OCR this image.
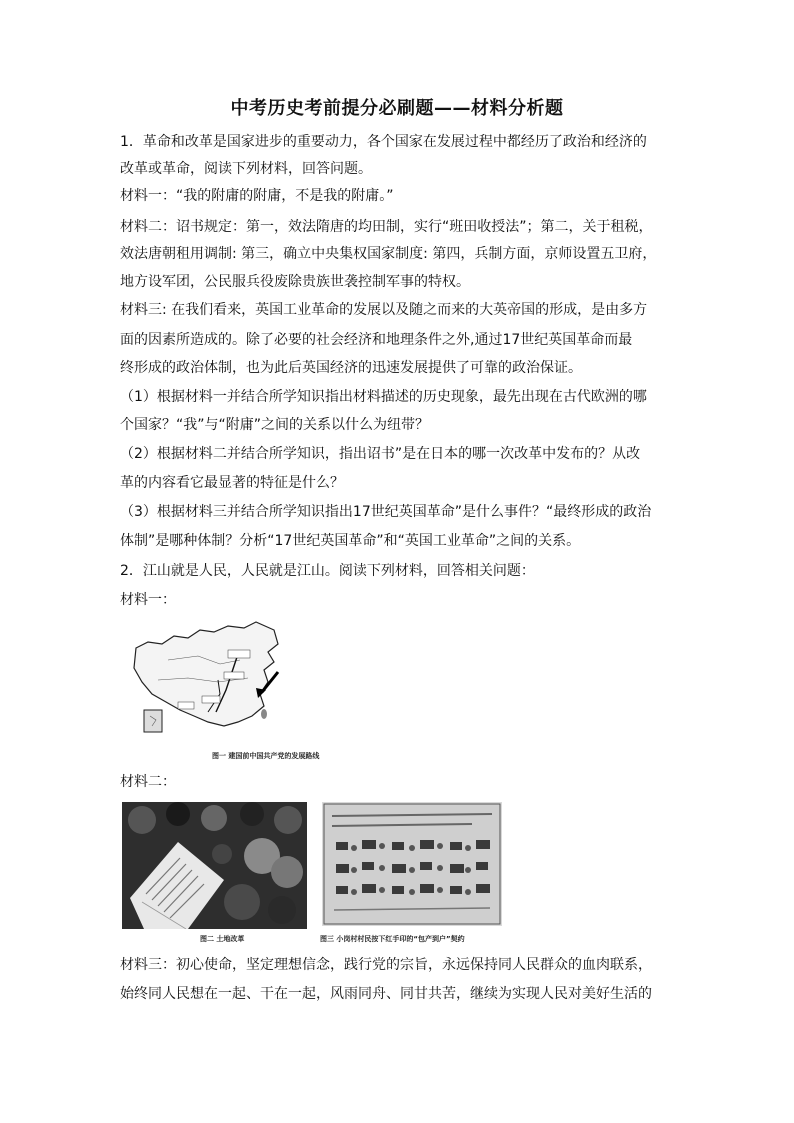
中考历史考前提分必刷题——材料分析题
1．革命和改革是国家进步的重要动力，各个国家在发展过程中都经历了政治和经济的
改革或革命，阅读下列材料，回答问题。
材料一：“我的附庸的附庸，不是我的附庸。”
材料二：诏书规定：第一，效法隋唐的均田制，实行“班田收授法”；第二，关于租税，
效法唐朝租用调制: 第三，确立中央集权国家制度: 第四，兵制方面，京师设置五卫府，
地方设军团，公民服兵役废除贵族世袭控制军事的特权。
材料三: 在我们看来，英国工业革命的发展以及随之而来的大英帝国的形成，是由多方
面的因素所造成的。除了必要的社会经济和地理条件之外,通过17世纪英国革命而最
终形成的政治体制，也为此后英国经济的迅速发展提供了可靠的政治保证。
（1）根据材料一并结合所学知识指出材料描述的历史现象，最先出现在古代欧洲的哪
个国家？“我”与“附庸”之间的关系以什么为纽带？
（2）根据材料二并结合所学知识，指出诏书”是在日本的哪一次改革中发布的？从改
革的内容看它最显著的特征是什么？
（3）根据材料三并结合所学知识指出17世纪英国革命”是什么事件？“最终形成的政治
体制”是哪种体制？分析“17世纪英国革命”和“英国工业革命”之间的关系。
2．江山就是人民，人民就是江山。阅读下列材料，回答相关问题：
材料一：
图一 建国前中国共产党的发展路线
材料二：
图二 土地改革	图三 小岗村村民按下红手印的“包产到户”契约
材料三：初心使命，坚定理想信念，践行党的宗旨，永远保持同人民群众的血肉联系，
始终同人民想在一起、干在一起，风雨同舟、同甘共苦，继续为实现人民对美好生活的
